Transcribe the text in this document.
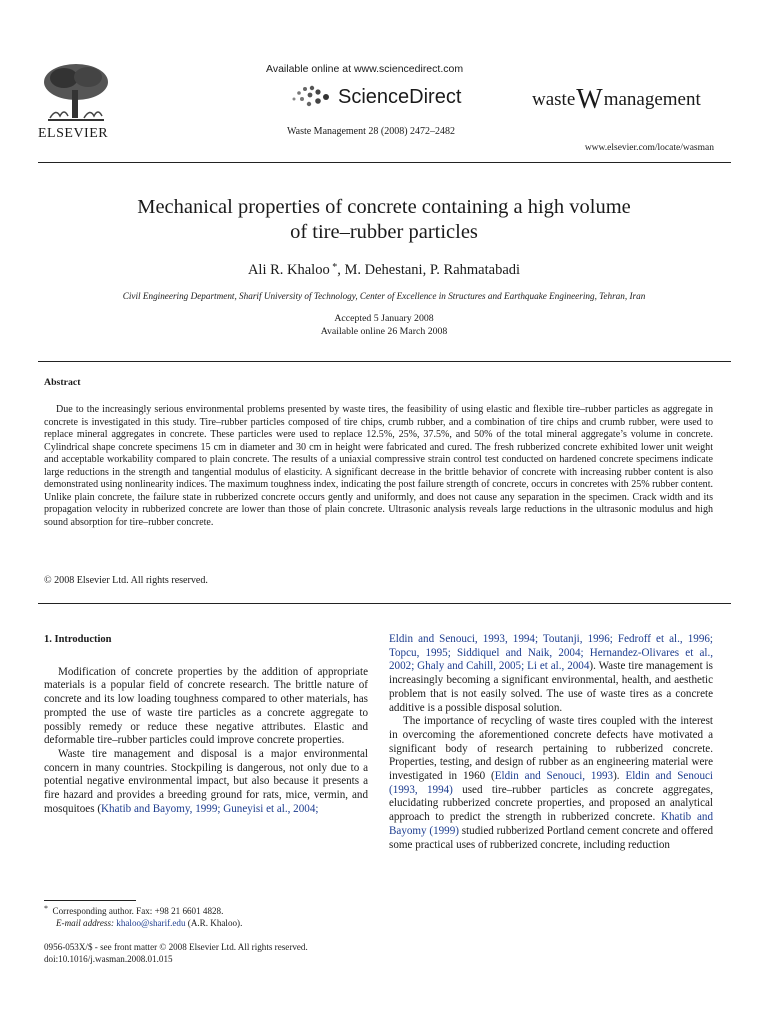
ELSEVIER
Available online at www.sciencedirect.com
ScienceDirect
Waste Management 28 (2008) 2472–2482
waste W management
www.elsevier.com/locate/wasman
Mechanical properties of concrete containing a high volume
of tire–rubber particles
Ali R. Khaloo *, M. Dehestani, P. Rahmatabadi
Civil Engineering Department, Sharif University of Technology, Center of Excellence in Structures and Earthquake Engineering, Tehran, Iran
Accepted 5 January 2008
Available online 26 March 2008
Abstract
Due to the increasingly serious environmental problems presented by waste tires, the feasibility of using elastic and flexible tire–rubber particles as aggregate in concrete is investigated in this study. Tire–rubber particles composed of tire chips, crumb rubber, and a combination of tire chips and crumb rubber, were used to replace mineral aggregates in concrete. These particles were used to replace 12.5%, 25%, 37.5%, and 50% of the total mineral aggregate’s volume in concrete. Cylindrical shape concrete specimens 15 cm in diameter and 30 cm in height were fabricated and cured. The fresh rubberized concrete exhibited lower unit weight and acceptable workability compared to plain concrete. The results of a uniaxial compressive strain control test conducted on hardened concrete specimens indicate large reductions in the strength and tangential modulus of elasticity. A significant decrease in the brittle behavior of concrete with increasing rubber content is also demonstrated using nonlinearity indices. The maximum toughness index, indicating the post failure strength of concrete, occurs in concretes with 25% rubber content. Unlike plain concrete, the failure state in rubberized concrete occurs gently and uniformly, and does not cause any separation in the specimen. Crack width and its propagation velocity in rubberized concrete are lower than those of plain concrete. Ultrasonic analysis reveals large reductions in the ultrasonic modulus and high sound absorption for tire–rubber concrete.
© 2008 Elsevier Ltd. All rights reserved.
1. Introduction

Modification of concrete properties by the addition of appropriate materials is a popular field of concrete research. The brittle nature of concrete and its low loading toughness compared to other materials, has prompted the use of waste tire particles as a concrete aggregate to possibly remedy or reduce these negative attributes. Elastic and deformable tire–rubber particles could improve concrete properties.

Waste tire management and disposal is a major environmental concern in many countries. Stockpiling is dangerous, not only due to a potential negative environmental impact, but also because it presents a fire hazard and provides a breeding ground for rats, mice, vermin, and mosquitoes (Khatib and Bayomy, 1999; Guneyisi et al., 2004;

Eldin and Senouci, 1993, 1994; Toutanji, 1996; Fedroff et al., 1996; Topcu, 1995; Siddiquel and Naik, 2004; Hernandez-Olivares et al., 2002; Ghaly and Cahill, 2005; Li et al., 2004). Waste tire management is increasingly becoming a significant environmental, health, and aesthetic problem that is not easily solved. The use of waste tires as a concrete additive is a possible disposal solution.

The importance of recycling of waste tires coupled with the interest in overcoming the aforementioned concrete defects have motivated a significant body of research pertaining to rubberized concrete. Properties, testing, and design of rubber as an engineering material were investigated in 1960 (Eldin and Senouci, 1993). Eldin and Senouci (1993, 1994) used tire–rubber particles as concrete aggregates, elucidating rubberized concrete properties, and proposed an analytical approach to predict the strength in rubberized concrete. Khatib and Bayomy (1999) studied rubberized Portland cement concrete and offered some practical uses of rubberized concrete, including reduction

* Corresponding author. Fax: +98 21 6601 4828.
E-mail address: khaloo@sharif.edu (A.R. Khaloo).
0956-053X/$ - see front matter © 2008 Elsevier Ltd. All rights reserved.
doi:10.1016/j.wasman.2008.01.015
